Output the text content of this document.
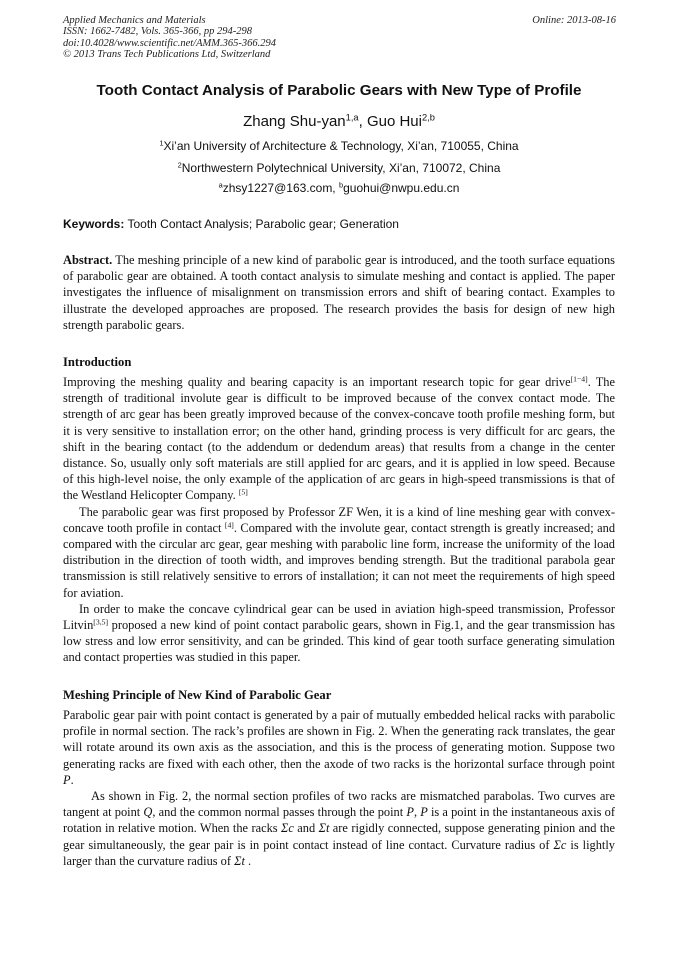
Applied Mechanics and Materials
ISSN: 1662-7482, Vols. 365-366, pp 294-298
doi:10.4028/www.scientific.net/AMM.365-366.294
© 2013 Trans Tech Publications Ltd, Switzerland
Online: 2013-08-16
Tooth Contact Analysis of Parabolic Gears with New Type of Profile
Zhang Shu-yan$^{1,a}$, Guo Hui$^{2,b}$
$^1$Xi’an University of Architecture & Technology, Xi’an, 710055, China
$^2$Northwestern Polytechnical University, Xi’an, 710072, China
$^a$zhsy1227@163.com, $^b$guohui@nwpu.edu.cn
Keywords: Tooth Contact Analysis; Parabolic gear; Generation

Abstract. The meshing principle of a new kind of parabolic gear is introduced, and the tooth surface equations of parabolic gear are obtained. A tooth contact analysis to simulate meshing and contact is applied. The paper investigates the influence of misalignment on transmission errors and shift of bearing contact. Examples to illustrate the developed approaches are proposed. The research provides the basis for design of new high strength parabolic gears.

Introduction

Improving the meshing quality and bearing capacity is an important research topic for gear drive[1−4]. The strength of traditional involute gear is difficult to be improved because of the convex contact mode. The strength of arc gear has been greatly improved because of the convex-concave tooth profile meshing form, but it is very sensitive to installation error; on the other hand, grinding process is very difficult for arc gears, the shift in the bearing contact (to the addendum or dedendum areas) that results from a change in the center distance. So, usually only soft materials are still applied for arc gears, and it is applied in low speed. Because of this high-level noise, the only example of the application of arc gears in high-speed transmissions is that of the Westland Helicopter Company. [5]

The parabolic gear was first proposed by Professor ZF Wen, it is a kind of line meshing gear with convex-concave tooth profile in contact [4]. Compared with the involute gear, contact strength is greatly increased; and compared with the circular arc gear, gear meshing with parabolic line form, increase the uniformity of the load distribution in the direction of tooth width, and improves bending strength. But the traditional parabola gear transmission is still relatively sensitive to errors of installation; it can not meet the requirements of high speed for aviation.

In order to make the concave cylindrical gear can be used in aviation high-speed transmission, Professor Litvin[3,5] proposed a new kind of point contact parabolic gears, shown in Fig.1, and the gear transmission has low stress and low error sensitivity, and can be grinded. This kind of gear tooth surface generating simulation and contact properties was studied in this paper.

Meshing Principle of New Kind of Parabolic Gear

Parabolic gear pair with point contact is generated by a pair of mutually embedded helical racks with parabolic profile in normal section. The rack’s profiles are shown in Fig. 2. When the generating rack translates, the gear will rotate around its own axis as the association, and this is the process of generating motion. Suppose two generating racks are fixed with each other, then the axode of two racks is the horizontal surface through point P.

As shown in Fig. 2, the normal section profiles of two racks are mismatched parabolas. Two curves are tangent at point Q, and the common normal passes through the point P, P is a point in the instantaneous axis of rotation in relative motion. When the racks Σc and Σt are rigidly connected, suppose generating pinion and the gear simultaneously, the gear pair is in point contact instead of line contact. Curvature radius of Σc is lightly larger than the curvature radius of Σt .
